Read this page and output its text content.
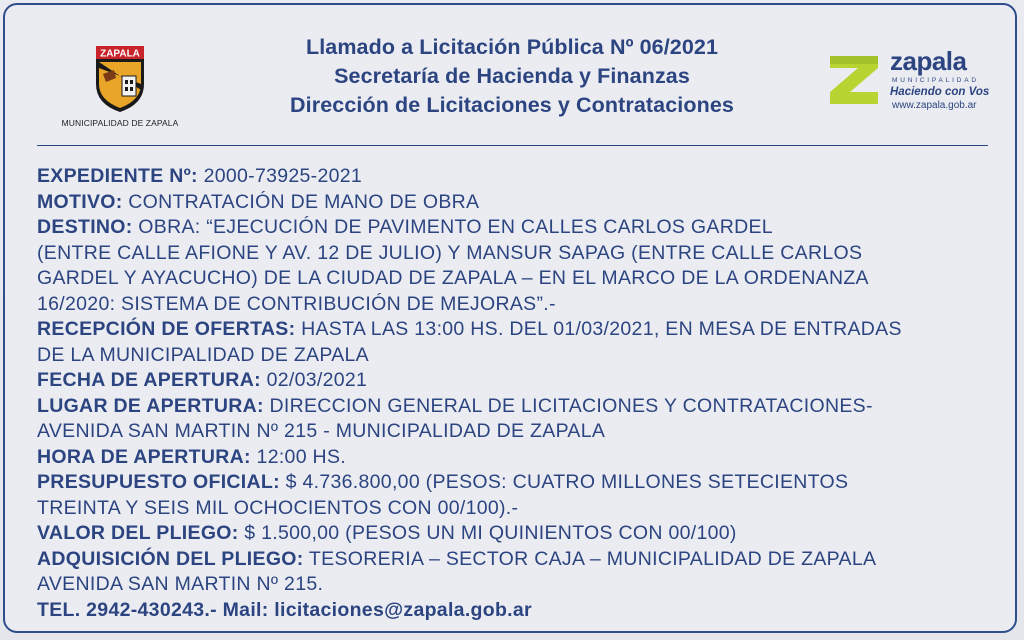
ZAPALA
MUNICIPALIDAD DE ZAPALA
Llamado a Licitación Pública Nº 06/2021
Secretaría de Hacienda y Finanzas
Dirección de Licitaciones y Contrataciones
zapala
MUNICIPALIDAD
Haciendo con Vos
www.zapala.gob.ar
EXPEDIENTE Nº: 2000-73925-2021
MOTIVO: CONTRATACIÓN DE MANO DE OBRA
DESTINO: OBRA: “EJECUCIÓN DE PAVIMENTO EN CALLES CARLOS GARDEL
(ENTRE CALLE AFIONE Y AV. 12 DE JULIO) Y MANSUR SAPAG (ENTRE CALLE CARLOS
GARDEL Y AYACUCHO) DE LA CIUDAD DE ZAPALA – EN EL MARCO DE LA ORDENANZA
16/2020: SISTEMA DE CONTRIBUCIÓN DE MEJORAS”.-
RECEPCIÓN DE OFERTAS: HASTA LAS 13:00 HS. DEL 01/03/2021, EN MESA DE ENTRADAS
DE LA MUNICIPALIDAD DE ZAPALA
FECHA DE APERTURA: 02/03/2021
LUGAR DE APERTURA: DIRECCION GENERAL DE LICITACIONES Y CONTRATACIONES-
AVENIDA SAN MARTIN Nº 215 - MUNICIPALIDAD DE ZAPALA
HORA DE APERTURA: 12:00 HS.
PRESUPUESTO OFICIAL: $ 4.736.800,00 (PESOS: CUATRO MILLONES SETECIENTOS
TREINTA Y SEIS MIL OCHOCIENTOS CON 00/100).-
VALOR DEL PLIEGO: $ 1.500,00 (PESOS UN MI QUINIENTOS CON 00/100)
ADQUISICIÓN DEL PLIEGO: TESORERIA – SECTOR CAJA – MUNICIPALIDAD DE ZAPALA
AVENIDA SAN MARTIN Nº 215.
TEL. 2942-430243.- Mail: licitaciones@zapala.gob.ar
